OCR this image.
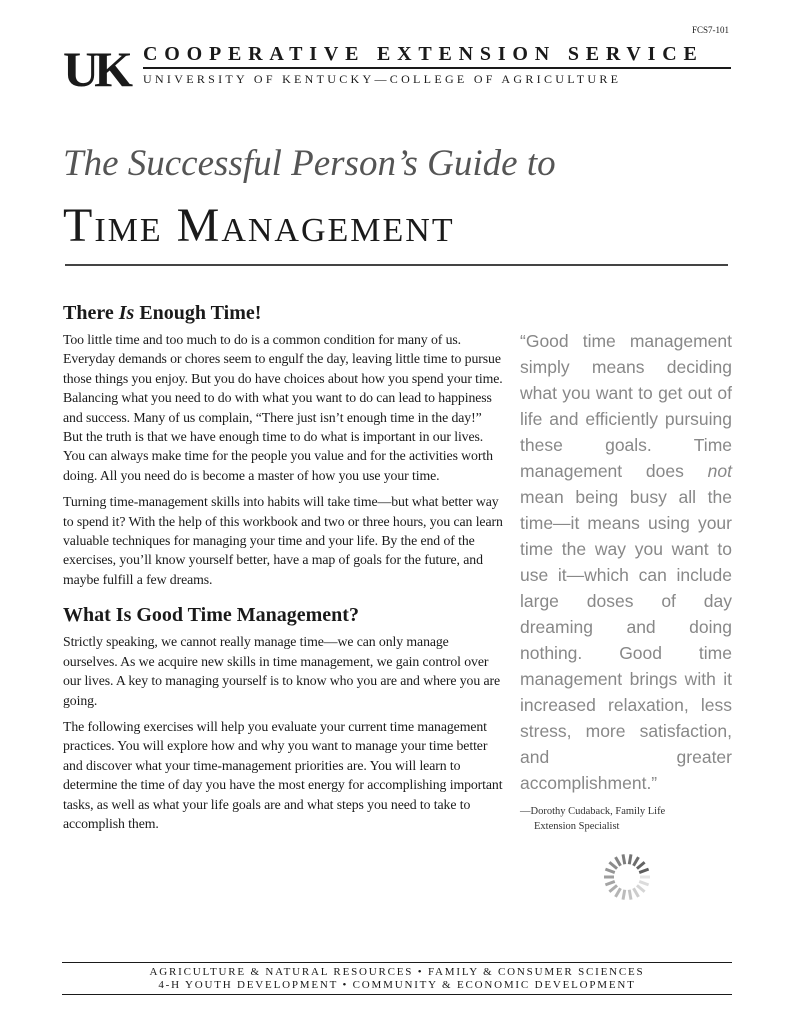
FCS7-101
UK COOPERATIVE EXTENSION SERVICE
UNIVERSITY OF KENTUCKY—COLLEGE OF AGRICULTURE
The Successful Person’s Guide to
Time Management
There Is Enough Time!

Too little time and too much to do is a common condition for many of us. Everyday demands or chores seem to engulf the day, leaving little time to pursue those things you enjoy. But you do have choices about how you spend your time. Balancing what you need to do with what you want to do can lead to happiness and success. Many of us complain, “There just isn’t enough time in the day!” But the truth is that we have enough time to do what is important in our lives. You can always make time for the people you value and for the activities worth doing. All you need do is become a master of how you use your time.

Turning time-management skills into habits will take time—but what better way to spend it? With the help of this workbook and two or three hours, you can learn valuable techniques for managing your time and your life. By the end of the exercises, you’ll know yourself better, have a map of goals for the future, and maybe fulfill a few dreams.

What Is Good Time Management?

Strictly speaking, we cannot really manage time—we can only manage ourselves. As we acquire new skills in time management, we gain control over our lives. A key to managing yourself is to know who you are and where you are going.

The following exercises will help you evaluate your current time management practices. You will explore how and why you want to manage your time better and discover what your time-management priorities are. You will learn to determine the time of day you have the most energy for accomplishing important tasks, as well as what your life goals are and what steps you need to take to accomplish them.

“Good time management simply means deciding what you want to get out of life and efficiently pursuing these goals. Time management does not mean being busy all the time—it means using your time the way you want to use it—which can include large doses of day dreaming and doing nothing. Good time management brings with it increased relaxation, less stress, more satisfaction, and greater accomplishment.”

—Dorothy Cudaback, Family Life
Extension Specialist
AGRICULTURE & NATURAL RESOURCES • FAMILY & CONSUMER SCIENCES
4-H YOUTH DEVELOPMENT • COMMUNITY & ECONOMIC DEVELOPMENT
